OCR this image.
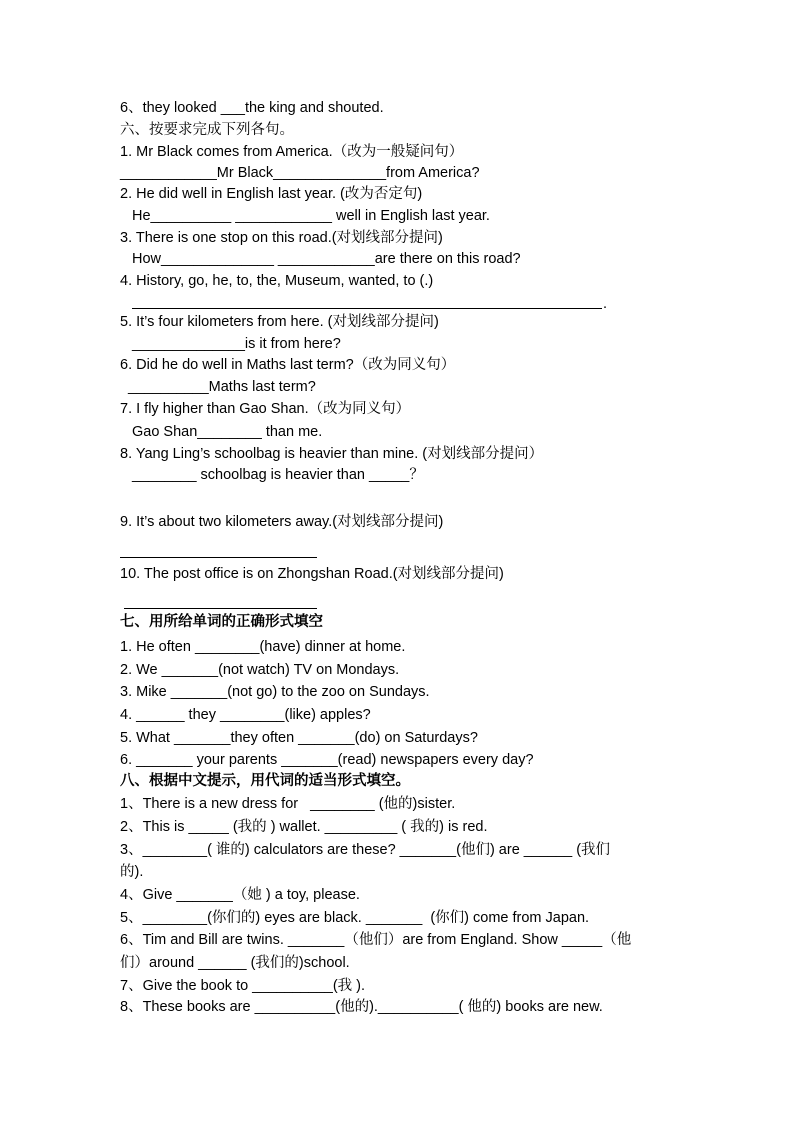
6、they looked ___the king and shouted.

六、按要求完成下列各句。

1. Mr Black comes from America.（改为一般疑问句）

____________Mr Black______________from America?

2. He did well in English last year. (改为否定句)

He__________ ____________ well in English last year.

3. There is one stop on this road.(对划线部分提问)

How______________ ____________are there on this road?

4. History, go, he, to, the, Museum, wanted, to (.)

.

5. It’s four kilometers from here. (对划线部分提问)

______________is it from here?

6. Did he do well in Maths last term?（改为同义句）

__________Maths last term?

7. I fly higher than Gao Shan.（改为同义句）

Gao Shan________ than me.

8. Yang Ling’s schoolbag is heavier than mine. (对划线部分提问）

________ schoolbag is heavier than _____？

9. It’s about two kilometers away.(对划线部分提问)

10. The post office is on Zhongshan Road.(对划线部分提问)

七、用所给单词的正确形式填空

1. He often ________(have) dinner at home.

2. We _______(not watch) TV on Mondays.

3. Mike _______(not go) to the zoo on Sundays.

4. ______ they ________(like) apples?

5. What _______they often _______(do) on Saturdays?

6. _______ your parents _______(read) newspapers every day?

八、根据中文提示，用代词的适当形式填空。

1、There is a new dress for   ________ (他的)sister.

2、This is _____ (我的 ) wallet. _________ ( 我的) is red.

3、________( 谁的) calculators are these? _______(他们) are ______ (我们

的).

4、Give _______（她 ) a toy, please.

5、________(你们的) eyes are black. _______  (你们) come from Japan.

6、Tim and Bill are twins. _______（他们）are from England. Show _____（他

们）around ______ (我们的)school.

7、Give the book to __________(我 ).

8、These books are __________(他的).__________( 他的) books are new.
